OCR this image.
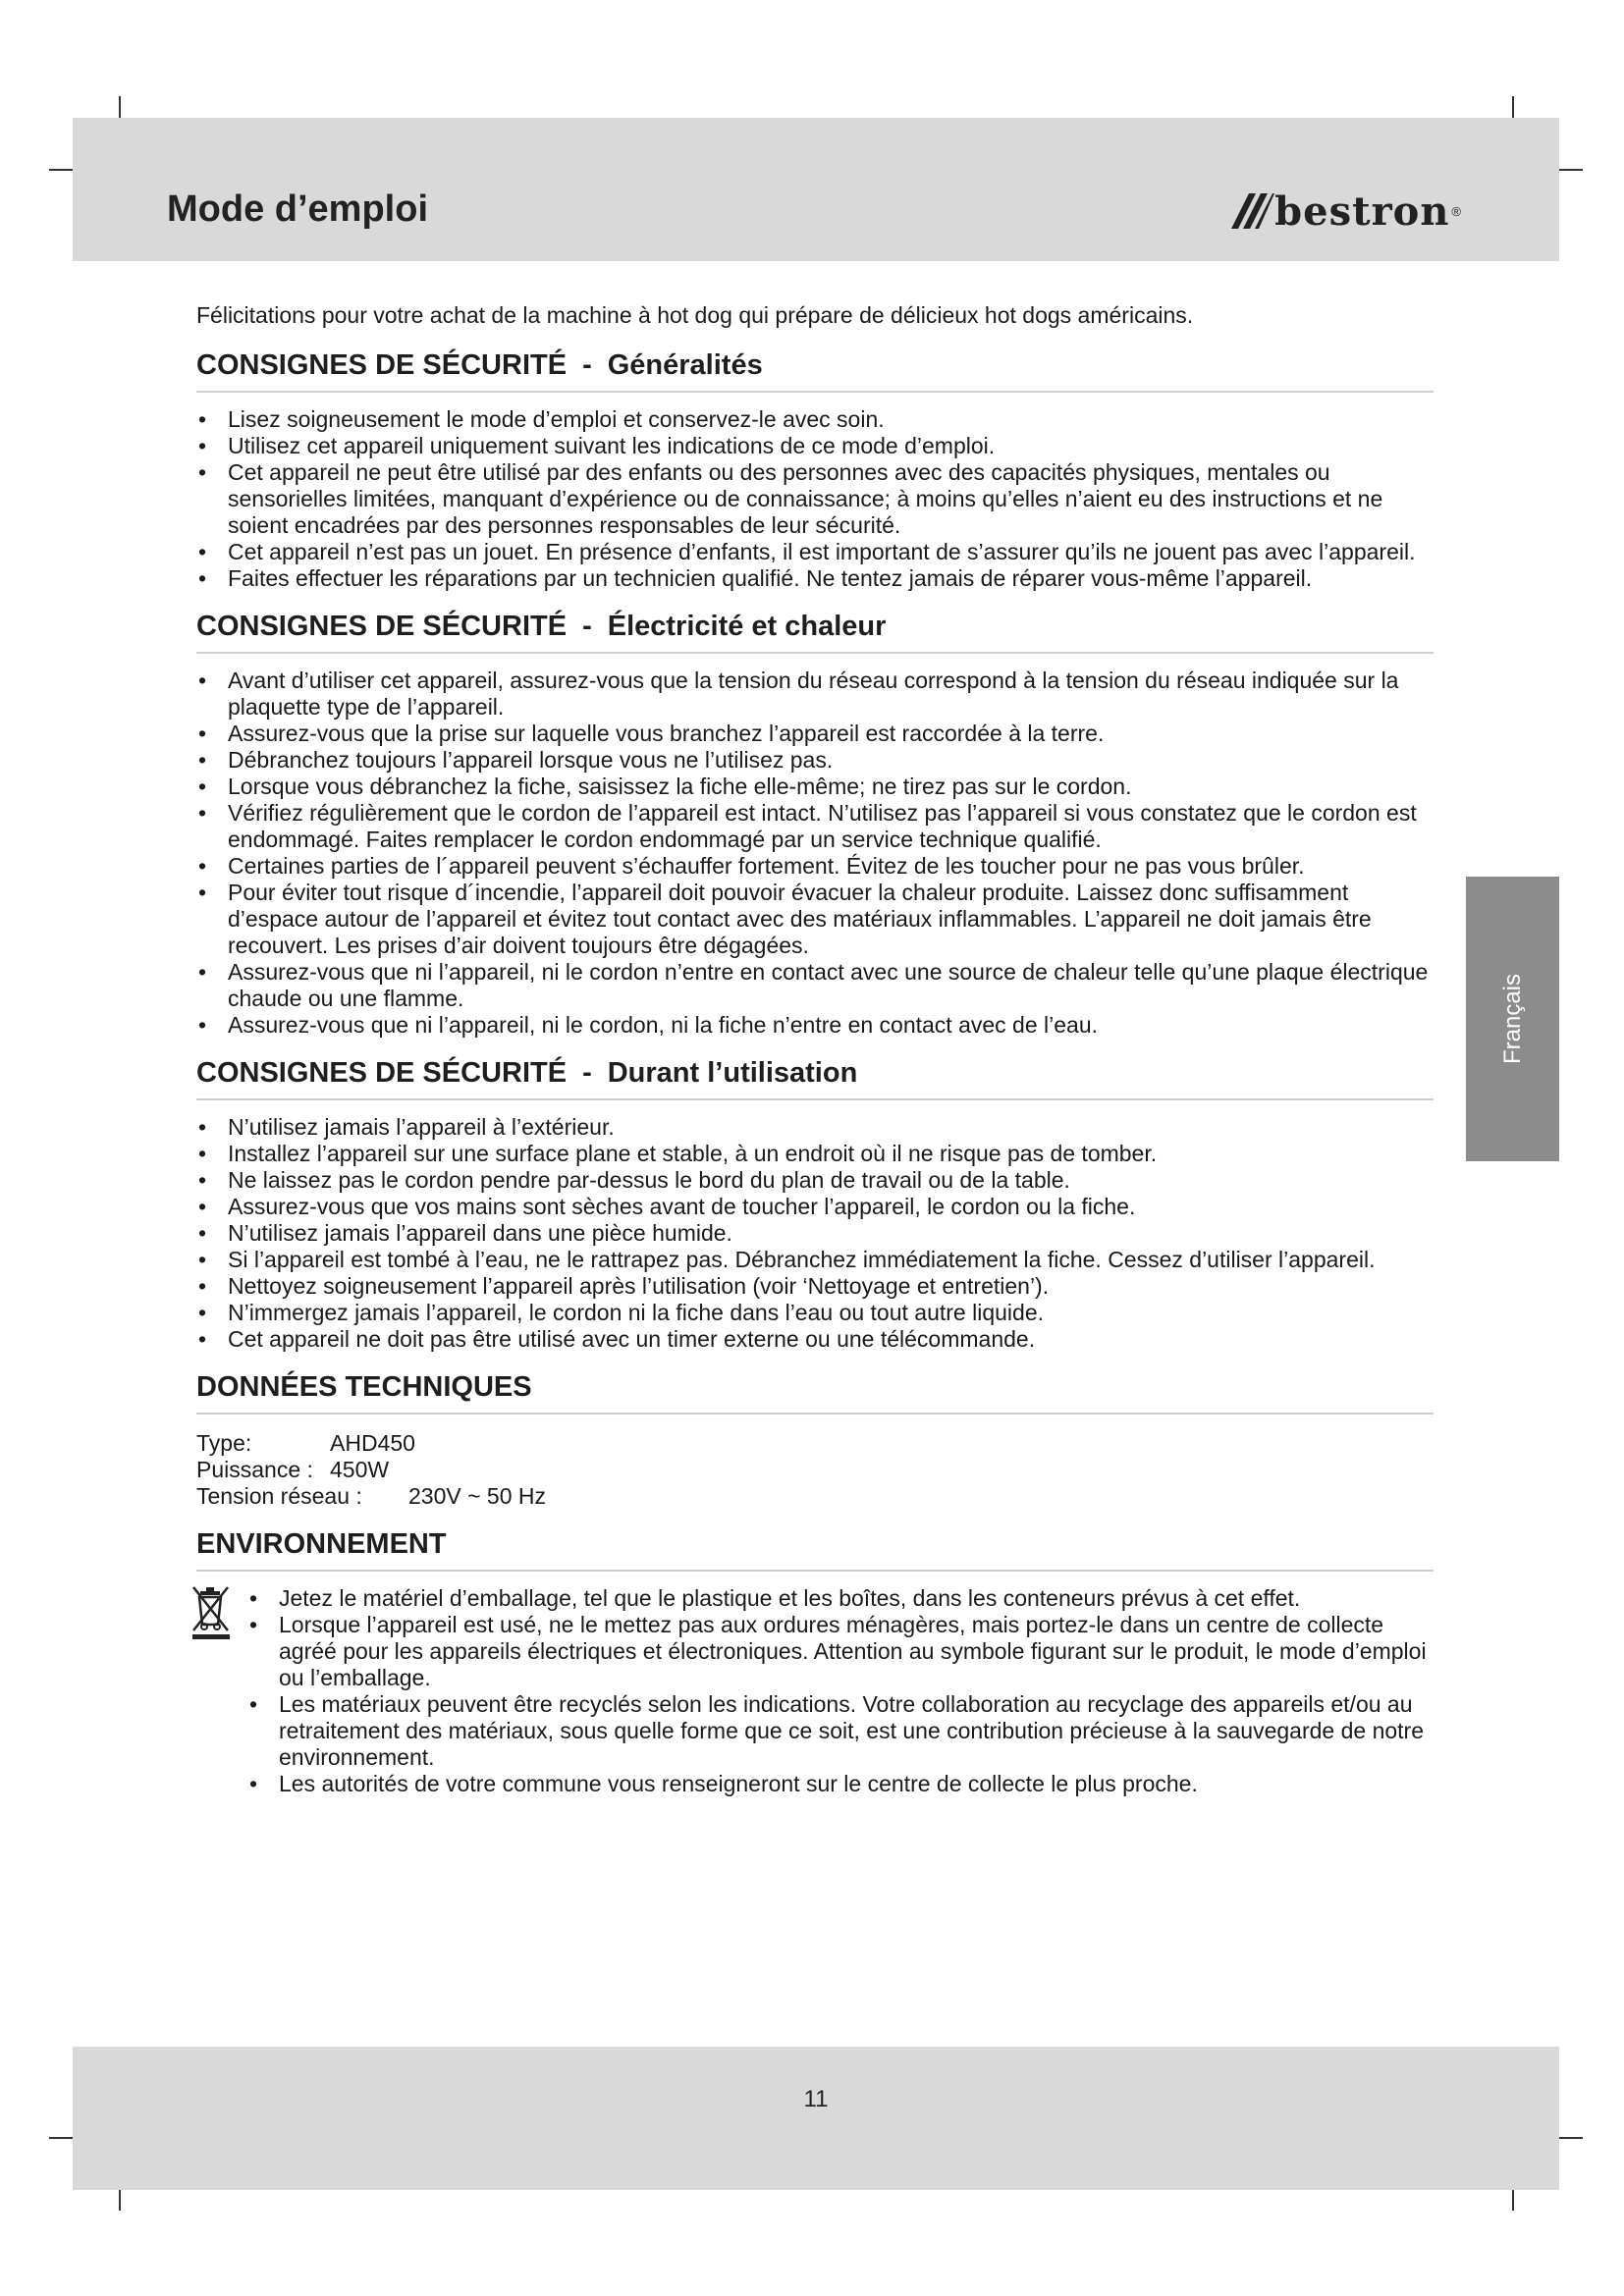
Mode d’emploi	bestron ®
Français

Félicitations pour votre achat de la machine à hot dog qui prépare de délicieux hot dogs américains.

CONSIGNES DE SÉCURITÉ - Généralités
• Lisez soigneusement le mode d’emploi et conservez-le avec soin.
• Utilisez cet appareil uniquement suivant les indications de ce mode d’emploi.
• Cet appareil ne peut être utilisé par des enfants ou des personnes avec des capacités physiques, mentales ou sensorielles limitées, manquant d’expérience ou de connaissance; à moins qu’elles n’aient eu des instructions et ne soient encadrées par des personnes responsables de leur sécurité.
• Cet appareil n’est pas un jouet. En présence d’enfants, il est important de s’assurer qu’ils ne jouent pas avec l’appareil.
• Faites effectuer les réparations par un technicien qualifié. Ne tentez jamais de réparer vous-même l’appareil.
CONSIGNES DE SÉCURITÉ - Électricité et chaleur
• Avant d’utiliser cet appareil, assurez-vous que la tension du réseau correspond à la tension du réseau indiquée sur la plaquette type de l’appareil.
• Assurez-vous que la prise sur laquelle vous branchez l’appareil est raccordée à la terre.
• Débranchez toujours l’appareil lorsque vous ne l’utilisez pas.
• Lorsque vous débranchez la fiche, saisissez la fiche elle-même; ne tirez pas sur le cordon.
• Vérifiez régulièrement que le cordon de l’appareil est intact. N’utilisez pas l’appareil si vous constatez que le cordon est endommagé. Faites remplacer le cordon endommagé par un service technique qualifié.
• Certaines parties de l´appareil peuvent s’échauffer fortement. Évitez de les toucher pour ne pas vous brûler.
• Pour éviter tout risque d´incendie, l’appareil doit pouvoir évacuer la chaleur produite. Laissez donc suffisamment d’espace autour de l’appareil et évitez tout contact avec des matériaux inflammables. L’appareil ne doit jamais être recouvert. Les prises d’air doivent toujours être dégagées.
• Assurez-vous que ni l’appareil, ni le cordon n’entre en contact avec une source de chaleur telle qu’une plaque électrique chaude ou une flamme.
• Assurez-vous que ni l’appareil, ni le cordon, ni la fiche n’entre en contact avec de l’eau.
CONSIGNES DE SÉCURITÉ - Durant l’utilisation
• N’utilisez jamais l’appareil à l’extérieur.
• Installez l’appareil sur une surface plane et stable, à un endroit où il ne risque pas de tomber.
• Ne laissez pas le cordon pendre par-dessus le bord du plan de travail ou de la table.
• Assurez-vous que vos mains sont sèches avant de toucher l’appareil, le cordon ou la fiche.
• N’utilisez jamais l’appareil dans une pièce humide.
• Si l’appareil est tombé à l’eau, ne le rattrapez pas. Débranchez immédiatement la fiche. Cessez d’utiliser l’appareil.
• Nettoyez soigneusement l’appareil après l’utilisation (voir ‘Nettoyage et entretien’).
• N’immergez jamais l’appareil, le cordon ni la fiche dans l’eau ou tout autre liquide.
• Cet appareil ne doit pas être utilisé avec un timer externe ou une télécommande.
DONNÉES TECHNIQUES
Type:	AHD450
Puissance : 450W
Tension réseau :	230V ~ 50 Hz
ENVIRONNEMENT
• Jetez le matériel d’emballage, tel que le plastique et les boîtes, dans les conteneurs prévus à cet effet.
• Lorsque l’appareil est usé, ne le mettez pas aux ordures ménagères, mais portez-le dans un centre de collecte agréé pour les appareils électriques et électroniques. Attention au symbole figurant sur le produit, le mode d’emploi ou l’emballage.
• Les matériaux peuvent être recyclés selon les indications. Votre collaboration au recyclage des appareils et/ou au retraitement des matériaux, sous quelle forme que ce soit, est une contribution précieuse à la sauvegarde de notre environnement.
• Les autorités de votre commune vous renseigneront sur le centre de collecte le plus proche.
11
